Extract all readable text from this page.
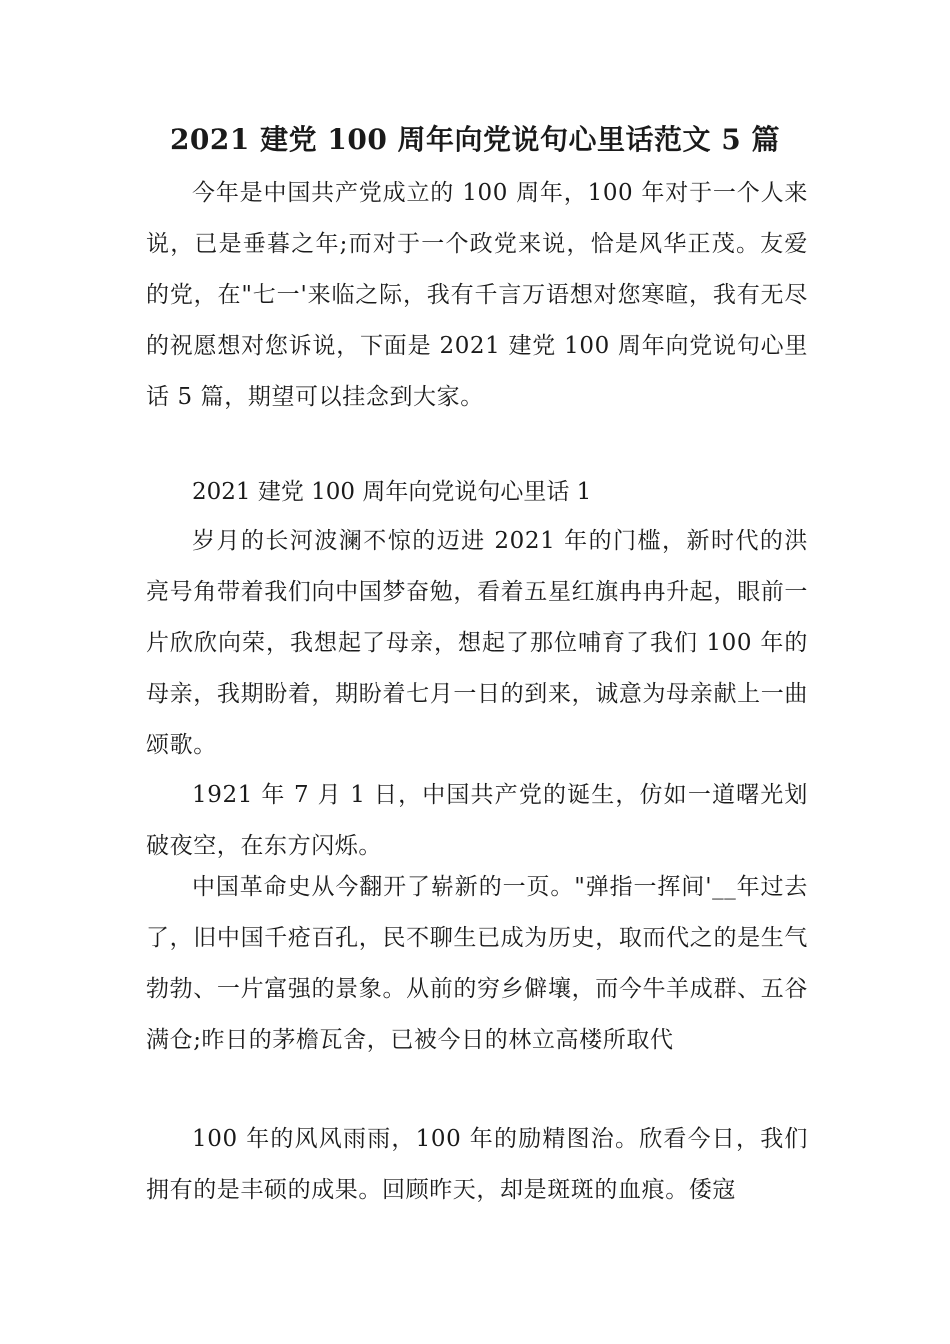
2021 建党 100 周年向党说句心里话范文 5 篇

今年是中国共产党成立的 100 周年，100 年对于一个人来说，已是垂暮之年;而对于一个政党来说，恰是风华正茂。友爱的党，在"七一'来临之际，我有千言万语想对您寒暄，我有无尽的祝愿想对您诉说，下面是 2021 建党 100 周年向党说句心里话 5 篇，期望可以挂念到大家。

2021 建党 100 周年向党说句心里话 1

岁月的长河波澜不惊的迈进 2021 年的门槛，新时代的洪亮号角带着我们向中国梦奋勉，看着五星红旗冉冉升起，眼前一片欣欣向荣，我想起了母亲，想起了那位哺育了我们 100 年的母亲，我期盼着，期盼着七月一日的到来，诚意为母亲献上一曲颂歌。

1921 年 7 月 1 日，中国共产党的诞生，仿如一道曙光划破夜空，在东方闪烁。

中国革命史从今翻开了崭新的一页。"弹指一挥间'__年过去了，旧中国千疮百孔，民不聊生已成为历史，取而代之的是生气勃勃、一片富强的景象。从前的穷乡僻壤，而今牛羊成群、五谷满仓;昨日的茅檐瓦舍，已被今日的林立高楼所取代

100 年的风风雨雨，100 年的励精图治。欣看今日，我们拥有的是丰硕的成果。回顾昨天，却是斑斑的血痕。倭寇
